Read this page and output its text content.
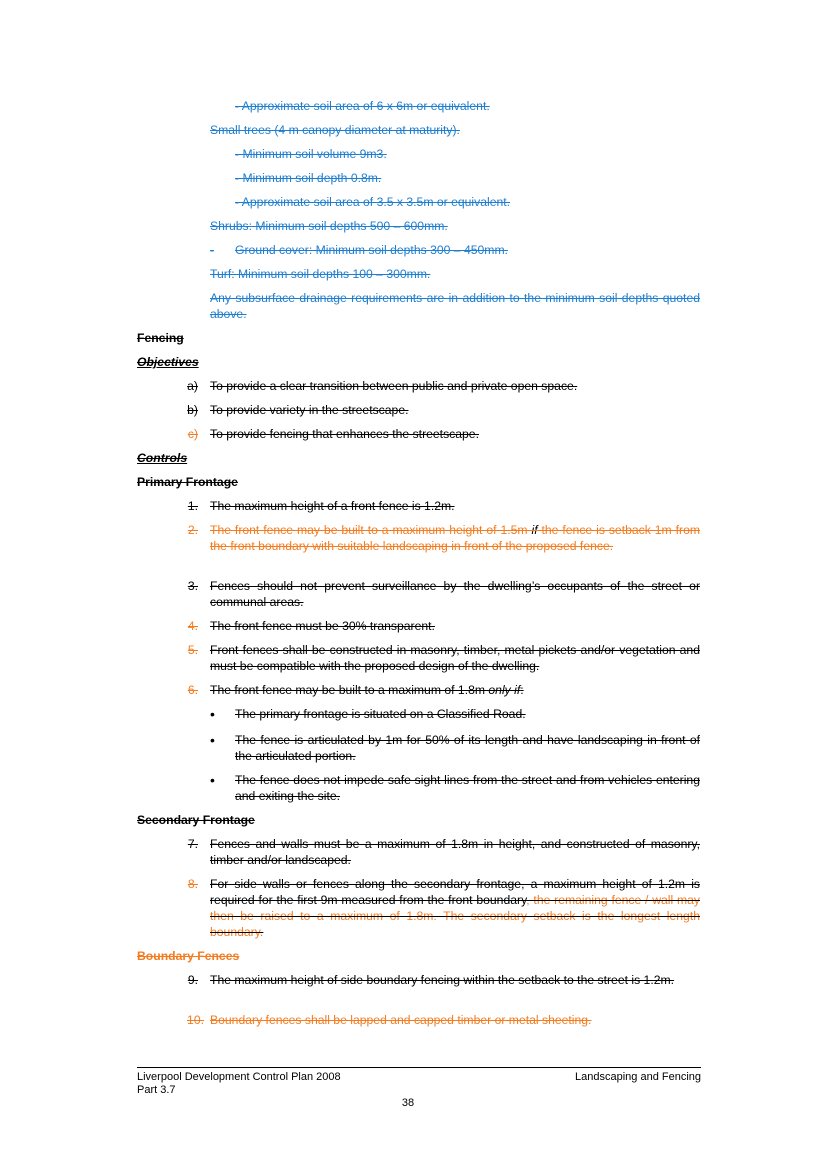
- Approximate soil area of 6 x 6m or equivalent.
Small trees (4 m canopy diameter at maturity).
- Minimum soil volume 9m3.
- Minimum soil depth 0.8m.
- Approximate soil area of 3.5 x 3.5m or equivalent.
Shrubs: Minimum soil depths 500 – 600mm.
- Ground cover: Minimum soil depths 300 – 450mm.
Turf: Minimum soil depths 100 – 300mm.
Any subsurface drainage requirements are in addition to the minimum soil depths quoted above.
Fencing
Objectives
a) To provide a clear transition between public and private open space.
b) To provide variety in the streetscape.
c) To provide fencing that enhances the streetscape.
Controls
Primary Frontage
1. The maximum height of a front fence is 1.2m.
2. The front fence may be built to a maximum height of 1.5m if the fence is setback 1m from the front boundary with suitable landscaping in front of the proposed fence.
3. Fences should not prevent surveillance by the dwelling’s occupants of the street or communal areas.
4. The front fence must be 30% transparent.
5. Front fences shall be constructed in masonry, timber, metal pickets and/or vegetation and must be compatible with the proposed design of the dwelling.
6. The front fence may be built to a maximum of 1.8m only if:
• The primary frontage is situated on a Classified Road.
• The fence is articulated by 1m for 50% of its length and have landscaping in front of the articulated portion.
• The fence does not impede safe sight lines from the street and from vehicles entering and exiting the site.
Secondary Frontage
7. Fences and walls must be a maximum of 1.8m in height, and constructed of masonry, timber and/or landscaped.
8. For side walls or fences along the secondary frontage, a maximum height of 1.2m is required for the first 9m measured from the front boundary, the remaining fence / wall may then be raised to a maximum of 1.8m. The secondary setback is the longest length boundary.
Boundary Fences
9. The maximum height of side boundary fencing within the setback to the street is 1.2m.
10. Boundary fences shall be lapped and capped timber or metal sheeting.
Liverpool Development Control Plan 2008
Part 3.7
Landscaping and Fencing
38
